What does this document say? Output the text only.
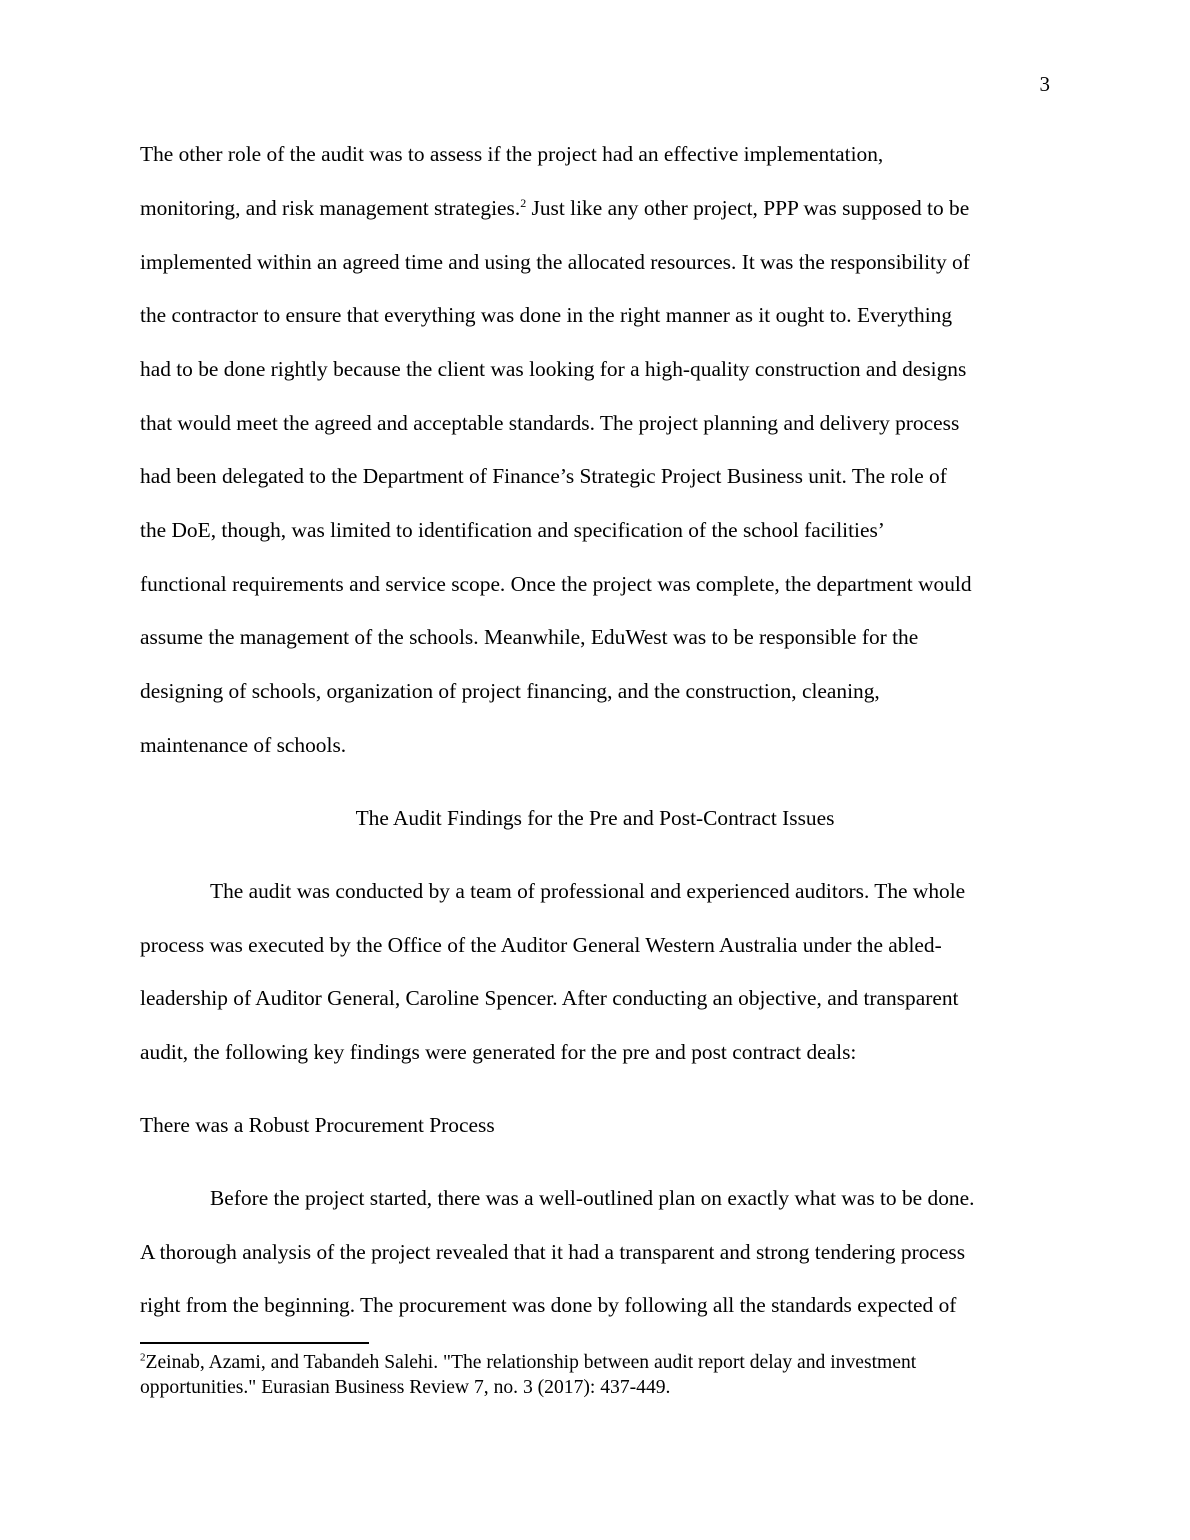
3
The other role of the audit was to assess if the project had an effective implementation,
monitoring, and risk management strategies.$^2$ Just like any other project, PPP was supposed to be
implemented within an agreed time and using the allocated resources. It was the responsibility of
the contractor to ensure that everything was done in the right manner as it ought to. Everything
had to be done rightly because the client was looking for a high-quality construction and designs
that would meet the agreed and acceptable standards. The project planning and delivery process
had been delegated to the Department of Finance’s Strategic Project Business unit. The role of
the DoE, though, was limited to identification and specification of the school facilities’
functional requirements and service scope. Once the project was complete, the department would
assume the management of the schools. Meanwhile, EduWest was to be responsible for the
designing of schools, organization of project financing, and the construction, cleaning,
maintenance of schools.
The Audit Findings for the Pre and Post-Contract Issues
The audit was conducted by a team of professional and experienced auditors. The whole
process was executed by the Office of the Auditor General Western Australia under the abled-
leadership of Auditor General, Caroline Spencer. After conducting an objective, and transparent
audit, the following key findings were generated for the pre and post contract deals:
There was a Robust Procurement Process
Before the project started, there was a well-outlined plan on exactly what was to be done.
A thorough analysis of the project revealed that it had a transparent and strong tendering process
right from the beginning. The procurement was done by following all the standards expected of
$^2$Zeinab, Azami, and Tabandeh Salehi. "The relationship between audit report delay and investment
opportunities." Eurasian Business Review 7, no. 3 (2017): 437-449.
